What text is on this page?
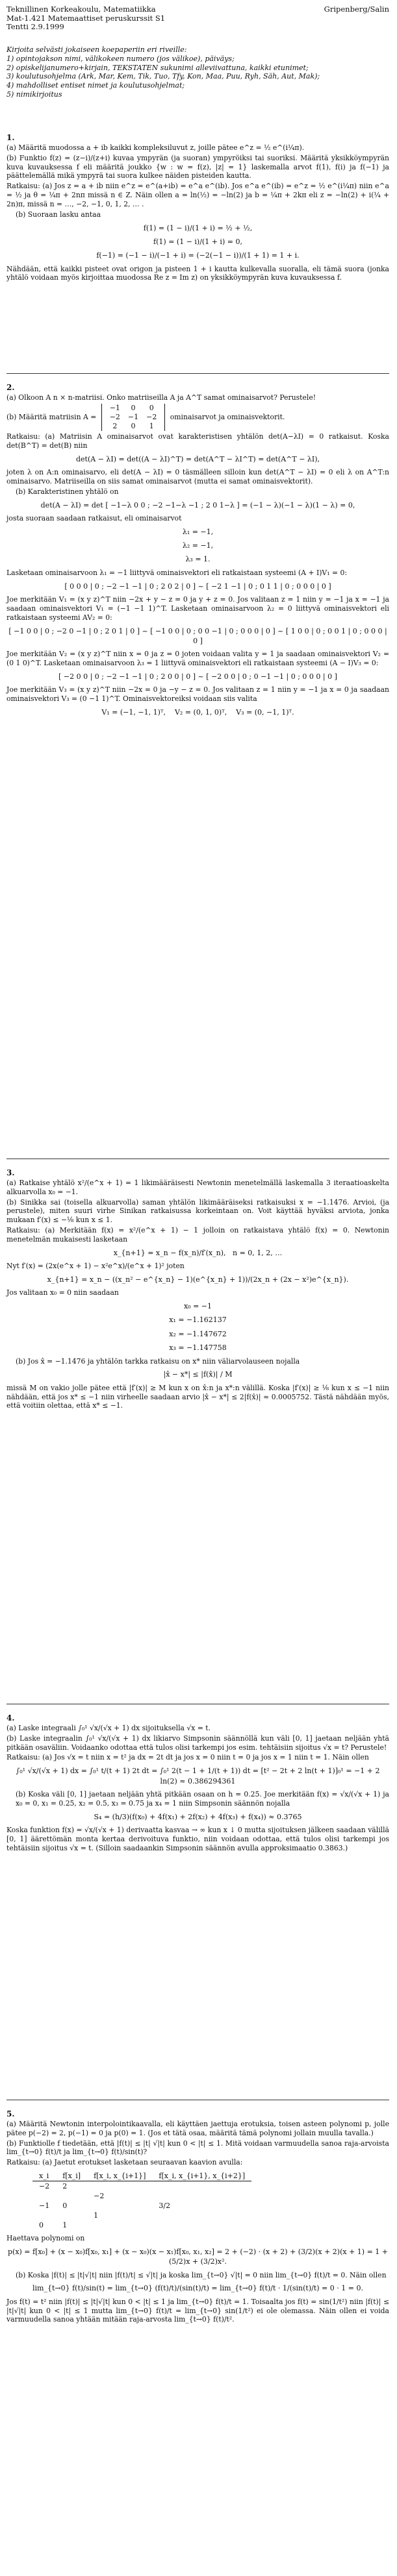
Teknillinen Korkeakoulu, Matematiikka	Gripenberg/Salin
Mat-1.421 Matemaattiset peruskurssit S1
Tentti 2.9.1999
Kirjoita selvästi jokaiseen koepaperiin eri riveille:
1) opintojakson nimi, välikokeen numero (jos välikoe), päiväys;
2) opiskelijanumero+kirjain, TEKSTATEN sukunimi alleviivattuna, kaikki etunimet;
3) koulutusohjelma (Ark, Mar, Kem, Tik, Tuo, Tfy, Kon, Maa, Puu, Ryh, Säh, Aut, Mak);
4) mahdolliset entiset nimet ja koulutusohjelmat;
5) nimikirjoitus
1.
(a) Määritä muodossa a + ib kaikki kompleksiluvut z, joille pätee e^z = ½ e^(i¼π).
(b) Funktio f(z) = (z−i)/(z+i) kuvaa ympyrän (ja suoran) ympyröiksi tai suoriksi. Määritä yksikköympyrän kuva kuvauksessa f eli määritä joukko {w : w = f(z), |z| = 1} laskemalla arvot f(1), f(i) ja f(−1) ja päättelemällä mikä ympyrä tai suora kulkee näiden pisteiden kautta.
Ratkaisu: (a) Jos z = a + ib niin e^z = e^(a+ib) = e^a e^(ib). Jos e^a e^(ib) = e^z = ½ e^(i¼π) niin e^a = ½ ja θ = ¼π + 2nπ missä n ∈ Z. Näin ollen a = ln(½) = −ln(2) ja b = ¼π + 2kπ eli z = −ln(2) + i(¼ + 2n)π, missä n = …, −2, −1, 0, 1, 2, … .
(b) Suoraan lasku antaa
f(1) = (1 − i)/(1 + i) = ½ + ½,
f(1) = (1 − i)/(1 + i) = 0,
f(−1) = (−1 − i)/(−1 + i) = (−2(−1 − i))/(1 + 1) = 1 + i.
Nähdään, että kaikki pisteet ovat origon ja pisteen 1 + i kautta kulkevalla suoralla, eli tämä suora (jonka yhtälö voidaan myös kirjoittaa muodossa Re z = Im z) on yksikköympyrän kuva kuvauksessa f.
2.
(a) Olkoon A n × n-matriisi. Onko matriiseilla A ja A^T samat ominaisarvot? Perustele!
(b) Määritä matriisin A =
−1	0	0
−2	−1	−2
2	0	1
ominaisarvot ja ominaisvektorit.
Ratkaisu: (a) Matriisin A ominaisarvot ovat karakteristisen yhtälön det(A−λI) = 0 ratkaisut. Koska det(B^T) = det(B) niin
det(A − λI) = det((A − λI)^T) = det(A^T − λI^T) = det(A^T − λI),
joten λ on A:n ominaisarvo, eli det(A − λI) = 0 täsmälleen silloin kun det(A^T − λI) = 0 eli λ on A^T:n ominaisarvo. Matriiseilla on siis samat ominaisarvot (mutta ei samat ominaisvektorit).
(b) Karakteristinen yhtälö on
det(A − λI) = det [ −1−λ 0 0 ; −2 −1−λ −1 ; 2 0 1−λ ] = (−1 − λ)(−1 − λ)(1 − λ) = 0,
josta suoraan saadaan ratkaisut, eli ominaisarvot
λ₁ = −1,
λ₂ = −1,
λ₃ = 1.
Lasketaan ominaisarvoon λ₁ = −1 liittyvä ominaisvektori eli ratkaistaan systeemi (A + I)V₁ = 0:
[ 0 0 0 | 0 ; −2 −1 −1 | 0 ; 2 0 2 | 0 ] ~ [ −2 1 −1 | 0 ; 0 1 1 | 0 ; 0 0 0 | 0 ]
Joe merkitään V₁ = (x y z)^T niin −2x + y − z = 0 ja y + z = 0. Jos valitaan z = 1 niin y = −1 ja x = −1 ja saadaan ominaisvektori V₁ = (−1 −1 1)^T. Lasketaan ominaisarvoon λ₂ = 0 liittyvä ominaisvektori eli ratkaistaan systeemi AV₂ = 0:
[ −1 0 0 | 0 ; −2 0 −1 | 0 ; 2 0 1 | 0 ] ~ [ −1 0 0 | 0 ; 0 0 −1 | 0 ; 0 0 0 | 0 ] ~ [ 1 0 0 | 0 ; 0 0 1 | 0 ; 0 0 0 | 0 ]
Joe merkitään V₂ = (x y z)^T niin x = 0 ja z = 0 joten voidaan valita y = 1 ja saadaan ominaisvektori V₂ = (0 1 0)^T. Lasketaan ominaisarvoon λ₃ = 1 liittyvä ominaisvektori eli ratkaistaan systeemi (A − I)V₃ = 0:
[ −2 0 0 | 0 ; −2 −1 −1 | 0 ; 2 0 0 | 0 ] ~ [ −2 0 0 | 0 ; 0 −1 −1 | 0 ; 0 0 0 | 0 ]
Joe merkitään V₃ = (x y z)^T niin −2x = 0 ja −y − z = 0. Jos valitaan z = 1 niin y = −1 ja x = 0 ja saadaan ominaisvektori V₃ = (0 −1 1)^T. Ominaisvektoreiksi voidaan siis valita
V₁ = (−1, −1, 1)ᵀ,    V₂ = (0, 1, 0)ᵀ,    V₃ = (0, −1, 1)ᵀ.
3.
(a) Ratkaise yhtälö x²/(e^x + 1) = 1 likimääräisesti Newtonin menetelmällä laskemalla 3 iteraatioaskelta alkuarvolla x₀ = −1.
(b) Sinikka sai (toisella alkuarvolla) saman yhtälön likimääräiseksi ratkaisuksi x = −1.1476. Arvioi, (ja perustele), miten suuri virhe Sinikan ratkaisussa korkeintaan on. Voit käyttää hyväksi arviota, jonka mukaan f′(x) ≤ −⅛ kun x ≤ 1.
Ratkaisu: (a) Merkitään f(x) = x²/(e^x + 1) − 1 jolloin on ratkaistava yhtälö f(x) = 0. Newtonin menetelmän mukaisesti lasketaan
x_{n+1} = x_n − f(x_n)/f′(x_n),   n = 0, 1, 2, …
Nyt f′(x) = (2x(e^x + 1) − x²e^x)/(e^x + 1)² joten
x_{n+1} = x_n − ((x_n² − e^{x_n} − 1)(e^{x_n} + 1))/(2x_n + (2x − x²)e^{x_n}).
Jos valitaan x₀ = 0 niin saadaan
x₀ = −1
x₁ = −1.162137
x₂ = −1.147672
x₃ = −1.147758
(b) Jos x̂ = −1.1476 ja yhtälön tarkka ratkaisu on x* niin väliarvolauseen nojalla
|x̂ − x*| ≤ |f(x̂)| / M
missä M on vakio jolle pätee että |f′(x)| ≥ M kun x on x̂:n ja x*:n välillä. Koska |f′(x)| ≥ ⅛ kun x ≤ −1 niin nähdään, että jos x* ≤ −1 niin virheelle saadaan arvio |x̂ − x*| ≤ 2|f(x̂)| ≈ 0.0005752. Tästä nähdään myös, että voitiin olettaa, että x* ≤ −1.
4.
(a) Laske integraali ∫₀¹ √x/(√x + 1) dx sijoituksella √x = t.
(b) Laske integraalin ∫₀¹ √x/(√x + 1) dx likiarvo Simpsonin säännöllä kun väli [0, 1] jaetaan neljään yhtä pitkään osaväliin. Voidaanko odottaa että tulos olisi tarkempi jos esim. tehtäisiin sijoitus √x = t? Perustele!
Ratkaisu: (a) Jos √x = t niin x = t² ja dx = 2t dt ja jos x = 0 niin t = 0 ja jos x = 1 niin t = 1. Näin ollen
∫₀¹ √x/(√x + 1) dx = ∫₀¹ t/(t + 1) 2t dt = ∫₀¹ 2(t − 1 + 1/(t + 1)) dt = [t² − 2t + 2 ln(t + 1)]₀¹ = −1 + 2 ln(2) ≈ 0.386294361
(b) Koska väli [0, 1] jaetaan neljään yhtä pitkään osaan on h = 0.25. Joe merkitään f(x) = √x/(√x + 1) ja x₀ = 0, x₁ = 0.25, x₂ = 0.5, x₃ = 0.75 ja x₄ = 1 niin Simpsonin säännön nojalla
S₄ = (h/3)(f(x₀) + 4f(x₁) + 2f(x₂) + 4f(x₃) + f(x₄)) ≈ 0.3765
Koska funktion f(x) = √x/(√x + 1) derivaatta kasvaa → ∞ kun x ↓ 0 mutta sijoituksen jälkeen saadaan välillä [0, 1] äärettömän monta kertaa derivoituva funktio, niin voidaan odottaa, että tulos olisi tarkempi jos tehtäisiin sijoitus √x = t. (Silloin saadaankin Simpsonin säännön avulla approksimaatio 0.3863.)
5.
(a) Määritä Newtonin interpolointikaavalla, eli käyttäen jaettuja erotuksia, toisen asteen polynomi p, jolle pätee p(−2) = 2, p(−1) = 0 ja p(0) = 1. (Jos et tätä osaa, määritä tämä polynomi jollain muulla tavalla.)
(b) Funktiolle f tiedetään, että |f(t)| ≤ |t| √|t| kun 0 < |t| ≤ 1. Mitä voidaan varmuudella sanoa raja-arvoista lim_{t→0} f(t)/t ja lim_{t→0} f(t)/sin(t)?
Ratkaisu: (a) Jaetut erotukset lasketaan seuraavan kaavion avulla:
x_i	f[x_i]	f[x_i, x_{i+1}]	f[x_i, x_{i+1}, x_{i+2}]
−2	2		
		−2	
−1	0		3/2
		1	
0	1		
Haettava polynomi on
p(x) = f[x₀] + (x − x₀)f[x₀, x₁] + (x − x₀)(x − x₁)f[x₀, x₁, x₂] = 2 + (−2) · (x + 2) + (3/2)(x + 2)(x + 1) = 1 + (5/2)x + (3/2)x².
(b) Koska |f(t)| ≤ |t|√|t| niin |f(t)/t| ≤ √|t| ja koska lim_{t→0} √|t| = 0 niin lim_{t→0} f(t)/t = 0. Näin ollen
lim_{t→0} f(t)/sin(t) = lim_{t→0} (f(t)/t)/(sin(t)/t) = lim_{t→0} f(t)/t · 1/(sin(t)/t) = 0 · 1 = 0.
Jos f(t) = t² niin |f(t)| ≤ |t|√|t| kun 0 < |t| ≤ 1 ja lim_{t→0} f(t)/t = 1. Toisaalta jos f(t) = sin(1/t²) niin |f(t)| ≤ |t|√|t| kun 0 < |t| ≤ 1 mutta lim_{t→0} f(t)/t = lim_{t→0} sin(1/t²) ei ole olemassa. Näin ollen ei voida varmuudella sanoa yhtään mitään raja-arvosta lim_{t→0} f(t)/t².
